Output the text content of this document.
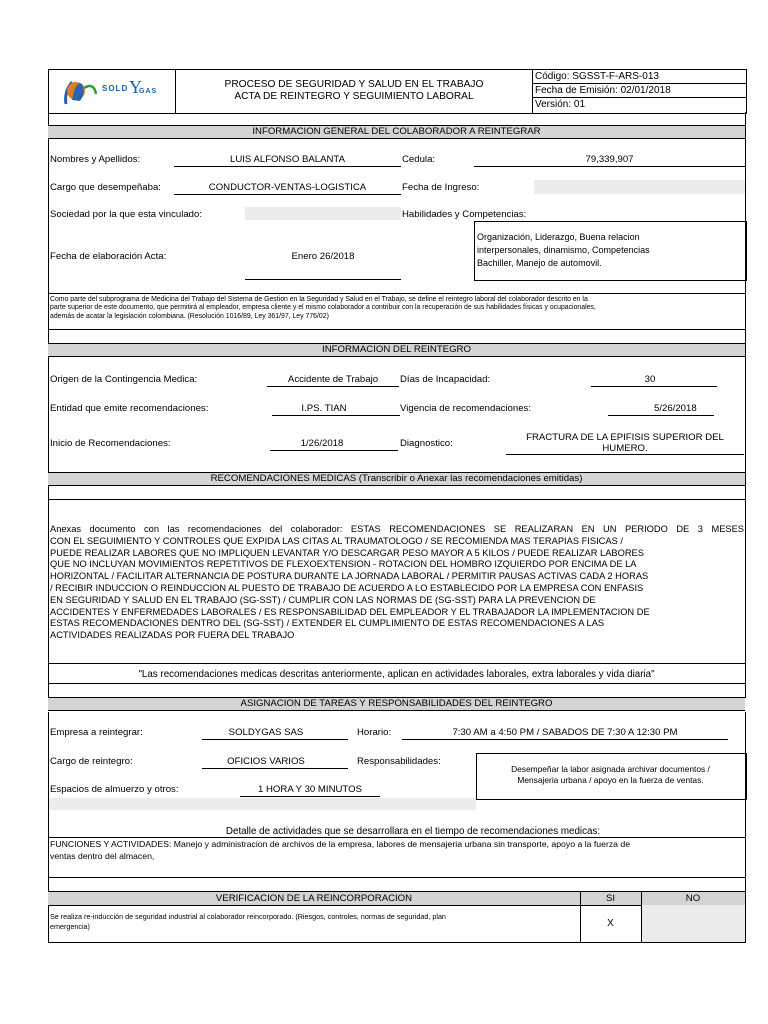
SOLD Y
GAS
PROCESO DE SEGURIDAD Y SALUD EN EL TRABAJO
ACTA DE REINTEGRO Y SEGUIMIENTO LABORAL
Código: SGSST-F-ARS-013
Fecha de Emisión: 02/01/2018
Versión: 01
INFORMACION GENERAL DEL COLABORADOR A REINTEGRAR
Nombres y Apellidos:	LUIS ALFONSO BALANTA	Cedula:	79,339,907
Cargo que desempeñaba:	CONDUCTOR-VENTAS-LOGISTICA	Fecha de Ingreso:
Sociedad por la que esta vinculado:	Habilidades y Competencias:
Organización, Liderazgo, Buena relacion
interpersonales, dinamismo, Competencias
Bachiller, Manejo de automovil.
Fecha de elaboración Acta:	Enero 26/2018
Como parte del subprograma de Medicina del Trabajo del Sistema de Gestion en la Seguridad y Salud en el Trabajo, se define el reintegro laboral del colaborador descrito en la
parte superior de este documento, que permitirá al empleador, empresa cliente y el mismo colaborador a contribuir con la recuperación de sus habilidades físicas y ocupacionales,
además de acatar la legislación colombiana. (Resolución 1016/89, Ley 361/97, Ley 776/02)
INFORMACION DEL REINTEGRO
Origen de la Contingencia Medica:	Accidente de Trabajo	Días de Incapacidad:	30
Entidad que emite recomendaciones:	I.PS. TIAN	Vigencia de recomendaciones:	5/26/2018
Inicio de Recomendaciones:	1/26/2018	Diagnostico:
FRACTURA DE LA EPIFISIS SUPERIOR DEL
HUMERO.
RECOMENDACIONES MEDICAS (Transcribir o Anexar las recomendaciones emitidas)
Anexas documento con las recomendaciones del colaborador: ESTAS RECOMENDACIONES SE REALIZARAN EN UN PERIODO DE 3 MESES
CON EL SEGUIMIENTO Y CONTROLES QUE EXPIDA LAS CITAS AL TRAUMATOLOGO / SE RECOMIENDA MAS TERAPIAS FISICAS /
PUEDE REALIZAR LABORES QUE NO IMPLIQUEN LEVANTAR Y/O DESCARGAR PESO MAYOR A 5 KILOS / PUEDE REALIZAR LABORES
QUE NO INCLUYAN MOVIMIENTOS REPETITIVOS DE FLEXOEXTENSION - ROTACION DEL HOMBRO IZQUIERDO POR ENCIMA DE LA
HORIZONTAL / FACILITAR ALTERNANCIA DE POSTURA DURANTE LA JORNADA LABORAL / PERMITIR PAUSAS ACTIVAS CADA 2 HORAS
/ RECIBIR INDUCCION O REINDUCCION AL PUESTO DE TRABAJO DE ACUERDO A LO ESTABLECIDO POR LA EMPRESA CON ENFASIS
EN SEGURIDAD Y SALUD EN EL TRABAJO (SG-SST) / CUMPLIR CON LAS NORMAS DE (SG-SST) PARA LA PREVENCION DE
ACCIDENTES Y ENFERMEDADES LABORALES / ES RESPONSABILIDAD DEL EMPLEADOR Y EL TRABAJADOR LA IMPLEMENTACION DE
ESTAS RECOMENDACIONES DENTRO DEL (SG-SST) / EXTENDER EL CUMPLIMIENTO DE ESTAS RECOMENDACIONES A LAS
ACTIVIDADES REALIZADAS POR FUERA DEL TRABAJO
"Las recomendaciones medicas descritas anteriormente, aplican en actividades laborales, extra laborales y vida diaria"
ASIGNACION DE TAREAS Y RESPONSABILIDADES DEL REINTEGRO
Empresa a reintegrar:	SOLDYGAS SAS	Horario:	7:30 AM a 4:50 PM / SABADOS DE 7:30 A 12:30 PM
Cargo de reintegro:	OFICIOS VARIOS	Responsabilidades:
Desempeñar la labor asignada archivar documentos /
Mensajeria urbana / apoyo en la fuerza de ventas.
Espacios de almuerzo y otros:	1 HORA Y 30 MINUTOS
Detalle de actividades que se desarrollara en el tiempo de recomendaciones medicas:
FUNCIONES Y ACTIVIDADES: Manejo y administracion de archivos de la empresa, labores de mensajeria urbana sin transporte, apoyo a la fuerza de
ventas dentro del almacen,
VERIFICACION DE LA REINCORPORACION	SI	NO
Se realiza re-inducción de seguridad industrial al colaborador reincorporado. (Riesgos, controles, normas de seguridad, plan
emergencia)	X
